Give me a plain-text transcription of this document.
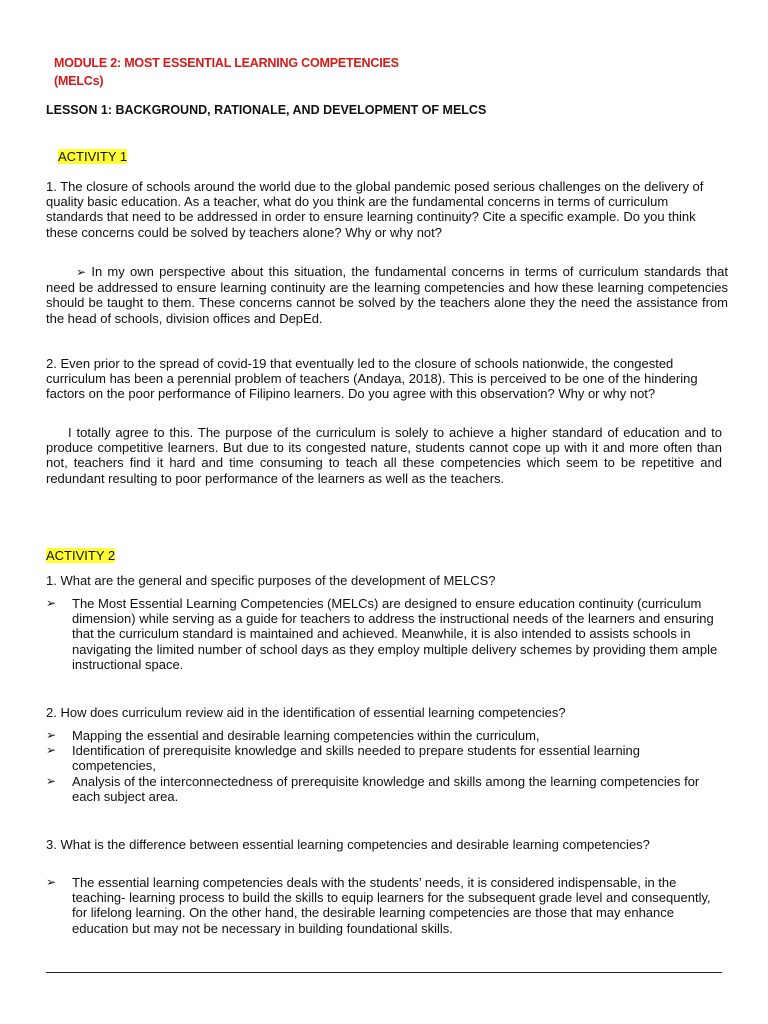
MODULE 2: MOST ESSENTIAL LEARNING COMPETENCIES
(MELCs)
LESSON 1: BACKGROUND, RATIONALE, AND DEVELOPMENT OF MELCS
ACTIVITY 1

1. The closure of schools around the world due to the global pandemic posed serious challenges on the delivery of quality basic education. As a teacher, what do you think are the fundamental concerns in terms of curriculum standards that need to be addressed in order to ensure learning continuity? Cite a specific example. Do you think these concerns could be solved by teachers alone? Why or why not?

➢ In my own perspective about this situation, the fundamental concerns in terms of curriculum standards that need be addressed to ensure learning continuity are the learning competencies and how these learning competencies should be taught to them. These concerns cannot be solved by the teachers alone they the need the assistance from the head of schools, division offices and DepEd.

2. Even prior to the spread of covid-19 that eventually led to the closure of schools nationwide, the congested curriculum has been a perennial problem of teachers (Andaya, 2018). This is perceived to be one of the hindering factors on the poor performance of Filipino learners. Do you agree with this observation? Why or why not?

I totally agree to this. The purpose of the curriculum is solely to achieve a higher standard of education and to produce competitive learners. But due to its congested nature, students cannot cope up with it and more often than not, teachers find it hard and time consuming to teach all these competencies which seem to be repetitive and redundant resulting to poor performance of the learners as well as the teachers.

ACTIVITY 2

1. What are the general and specific purposes of the development of MELCS?

➢ The Most Essential Learning Competencies (MELCs) are designed to ensure education continuity (curriculum dimension) while serving as a guide for teachers to address the instructional needs of the learners and ensuring that the curriculum standard is maintained and achieved. Meanwhile, it is also intended to assists schools in navigating the limited number of school days as they employ multiple delivery schemes by providing them ample instructional space.

2. How does curriculum review aid in the identification of essential learning competencies?

➢ Mapping the essential and desirable learning competencies within the curriculum,
➢ Identification of prerequisite knowledge and skills needed to prepare students for essential learning competencies,
➢ Analysis of the interconnectedness of prerequisite knowledge and skills among the learning competencies for each subject area.

3. What is the difference between essential learning competencies and desirable learning competencies?

➢ The essential learning competencies deals with the students’ needs, it is considered indispensable, in the teaching- learning process to build the skills to equip learners for the subsequent grade level and consequently, for lifelong learning. On the other hand, the desirable learning competencies are those that may enhance education but may not be necessary in building foundational skills.
